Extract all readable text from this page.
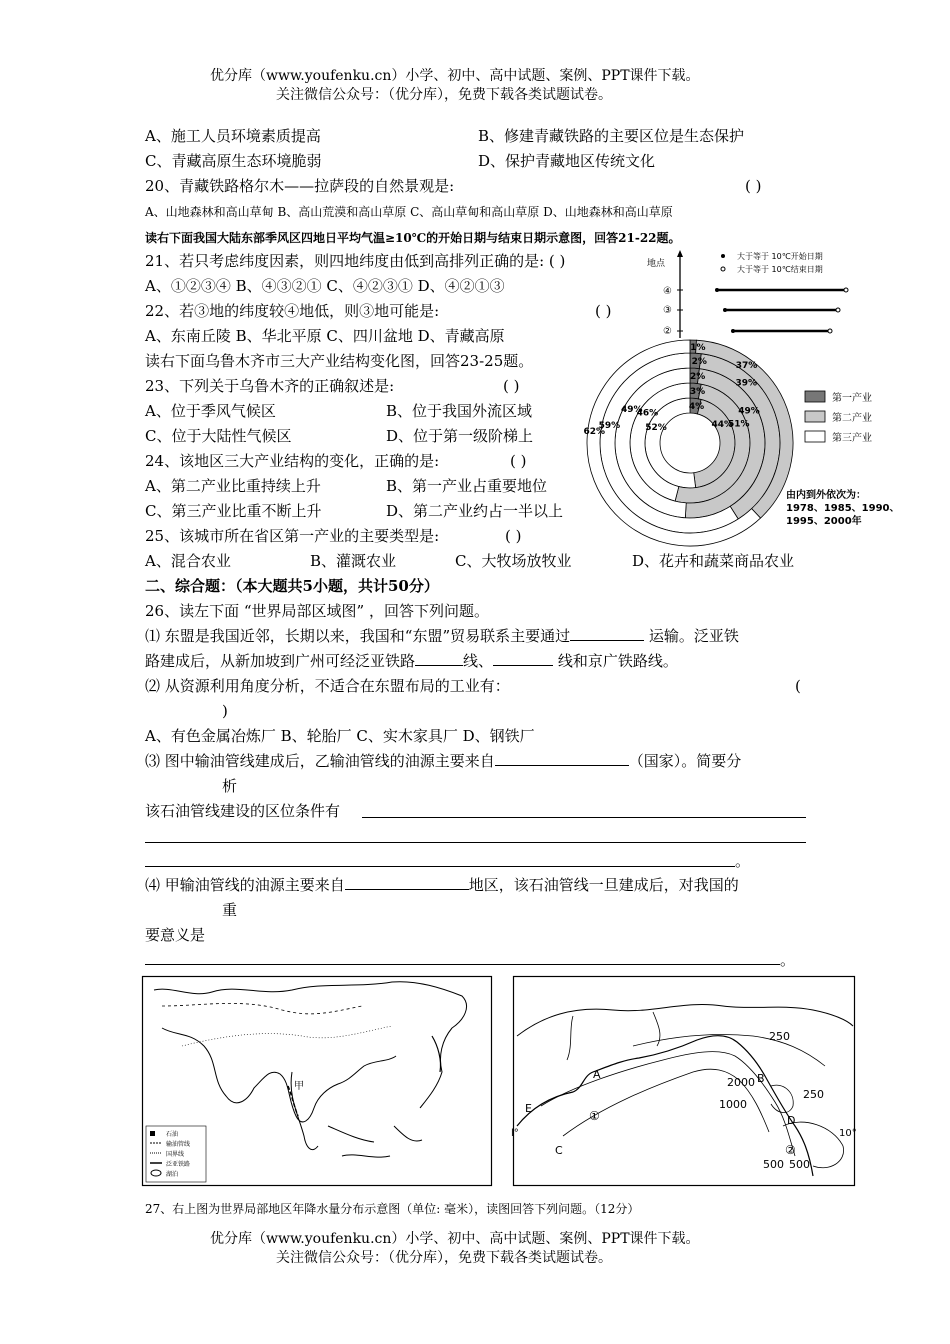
优分库（www.youfenku.cn）小学、初中、高中试题、案例、PPT课件下载。
关注微信公众号：（优分库），免费下载各类试题试卷。
A、施工人员环境素质提高	B、修建青藏铁路的主要区位是生态保护
C、青藏高原生态环境脆弱	D、保护青藏地区传统文化
20、青藏铁路格尔木——拉萨段的自然景观是:	( )
A、山地森林和高山草甸 B、高山荒漠和高山草原 C、高山草甸和高山草原 D、山地森林和高山草原
读右下面我国大陆东部季风区四地日平均气温≥10℃的开始日期与结束日期示意图，回答21-22题。
21、若只考虑纬度因素，则四地纬度由低到高排列正确的是: ( )
A、①②③④ B、④③②① C、④②③① D、④②①③
22、若③地的纬度较④地低，则③地可能是:	( )
A、东南丘陵 B、华北平原 C、四川盆地 D、青藏高原
地点
大于等于 10℃开始日期
大于等于 10℃结束日期
④
③
②
读右下面乌鲁木齐市三大产业结构变化图，回答23-25题。
23、下列关于乌鲁木齐的正确叙述是:	( )
A、位于季风气候区	B、位于我国外流区域
C、位于大陆性气候区	D、位于第一级阶梯上
24、该地区三大产业结构的变化，正确的是:	( )
A、第二产业比重持续上升	B、第一产业占重要地位
C、第三产业比重不断上升	D、第二产业约占一半以上
25、该城市所在省区第一产业的主要类型是:	( )
A、混合农业	B、灌溉农业	C、大牧场放牧业	D、花卉和蔬菜商品农业
4%
44%
52%
3%
51%
46%
2%
49%
49%
2%
39%
59%
1%
37%
62%
第一产业
第二产业
第三产业
由内到外依次为：
1978、1985、1990、
1995、2000年
二、综合题：（本大题共5小题，共计50分）
26、读左下面 “世界局部区域图” ，回答下列问题。
⑴ 东盟是我国近邻，长期以来，我国和“东盟”贸易联系主要通过	运输。泛亚铁
路建成后，从新加坡到广州可经泛亚铁路	线、	线和京广铁路线。
⑵ 从资源利用角度分析，不适合在东盟布局的工业有：	(
)
A、有色金属冶炼厂 B、轮胎厂 C、实木家具厂 D、钢铁厂
⑶ 图中输油管线建成后，乙输油管线的油源主要来自	（国家）。简要分
析
该石油管线建设的区位条件有
。
⑷ 甲输油管线的油源主要来自	地区，该石油管线一旦建成后，对我国的
重
要意义是
。
甲
石油
输油管线
国界线
泛亚铁路
湖泊
250
250
2000
1000
500 500
A	B
C
D
E
①
②
l°	10°
27、右上图为世界局部地区年降水量分布示意图（单位: 毫米），读图回答下列问题。（12分）
优分库（www.youfenku.cn）小学、初中、高中试题、案例、PPT课件下载。
关注微信公众号：（优分库），免费下载各类试题试卷。
